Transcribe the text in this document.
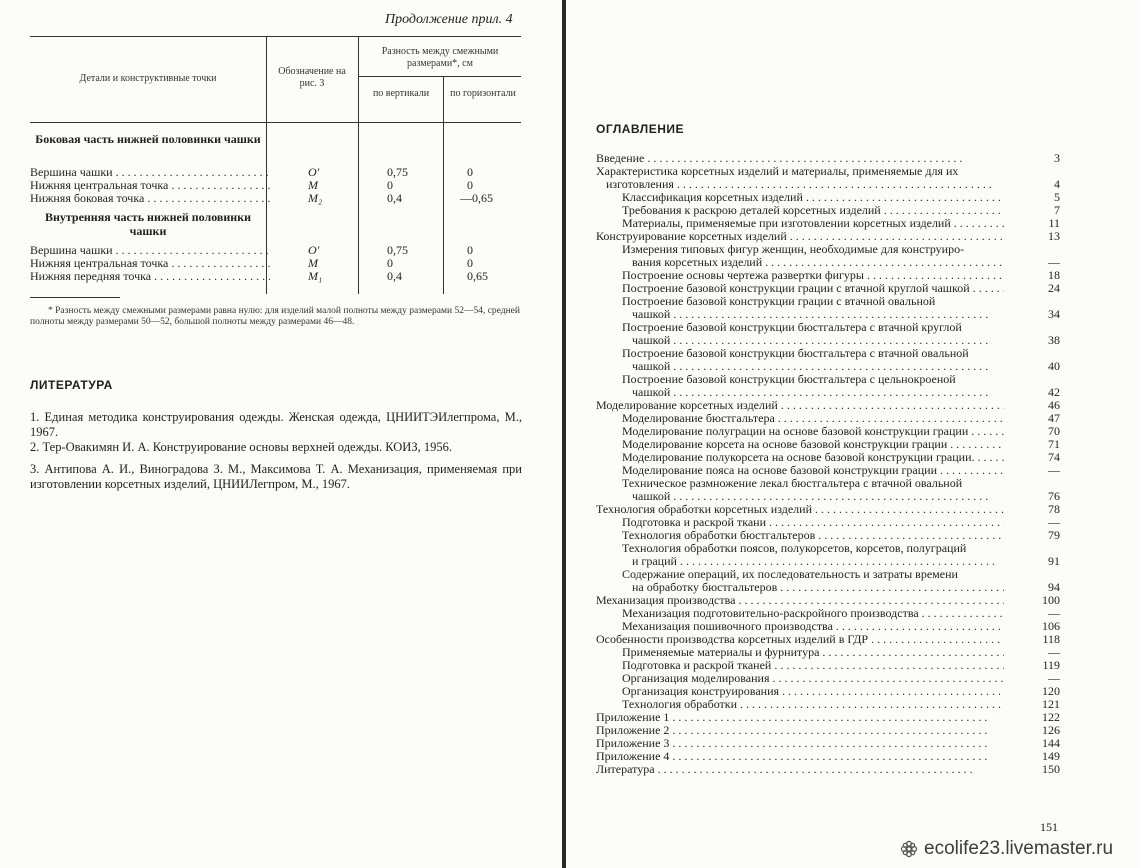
Продолжение прил. 4
Детали и конструктивные точки
Обозначение на рис. 3
Разность между смежными размерами*, см
по вертикали	по горизонтали
Боковая часть нижней половинки чашки
Вершина чашки . . .	O′	0,75	0
Нижняя центральная точка . . .	M	0	0
Нижняя боковая точка . . .	M₂	0,4	—0,65
Внутренняя часть нижней половинки чашки
Вершина чашки . . .	O′	0,75	0
Нижняя центральная точка . . .	M	0	0
Нижняя передняя точка . . .	M₁	0,4	0,65
* Разность между смежными размерами равна нулю: для изделий малой полноты между размерами 52—54, средней полноты между размерами 50—52, большой полноты между размерами 46—48.
ЛИТЕРАТУРА
1. Единая методика конструирования одежды. Женская одежда, ЦНИИТЭИлегпрома, М., 1967.
2. Тер-Овакимян И. А. Конструирование основы верхней одежды. КОИЗ, 1956.
3. Антипова А. И., Виноградова З. М., Максимова Т. А. Механизация, применяемая при изготовлении корсетных изделий, ЦНИИЛегпром, М., 1967.
ОГЛАВЛЕНИЕ
Введение . . .	3
Характеристика корсетных изделий и материалы, применяемые для их
изготовления . . .	4
Классификация корсетных изделий . . .	5
Требования к раскрою деталей корсетных изделий . . .	7
Материалы, применяемые при изготовлении корсетных изделий . . .	11
Конструирование корсетных изделий . . .	13
Измерения типовых фигур женщин, необходимые для конструиро-
вания корсетных изделий . . .	—
Построение основы чертежа развертки фигуры . . .	18
Построение базовой конструкции грации с втачной круглой чашкой . . .	24
Построение базовой конструкции грации с втачной овальной
чашкой . . .	34
Построение базовой конструкции бюстгальтера с втачной круглой
чашкой . . .	38
Построение базовой конструкции бюстгальтера с втачной овальной
чашкой . . .	40
Построение базовой конструкции бюстгальтера с цельнокроеной
чашкой . . .	42
Моделирование корсетных изделий . . .	46
Моделирование бюстгальтера . . .	47
Моделирование полуграции на основе базовой конструкции грации . . .	70
Моделирование корсета на основе базовой конструкции грации . . .	71
Моделирование полукорсета на основе базовой конструкции грации. . . .	74
Моделирование пояса на основе базовой конструкции грации . . .	—
Техническое размножение лекал бюстгальтера с втачной овальной
чашкой . . .	76
Технология обработки корсетных изделий . . .	78
Подготовка и раскрой ткани . . .	—
Технология обработки бюстгальтеров . . .	79
Технология обработки поясов, полукорсетов, корсетов, полуграций
и граций . . .	91
Содержание операций, их последовательность и затраты времени
на обработку бюстгальтеров . . .	94
Механизация производства . . .	100
Механизация подготовительно-раскройного производства . . .	—
Механизация пошивочного производства . . .	106
Особенности производства корсетных изделий в ГДР . . .	118
Применяемые материалы и фурнитура . . .	—
Подготовка и раскрой тканей . . .	119
Организация моделирования . . .	—
Организация конструирования . . .	120
Технология обработки . . .	121
Приложение 1 . . .	122
Приложение 2 . . .	126
Приложение 3 . . .	144
Приложение 4 . . .	149
Литература . . .	150
151
ecolife23.livemaster.ru
